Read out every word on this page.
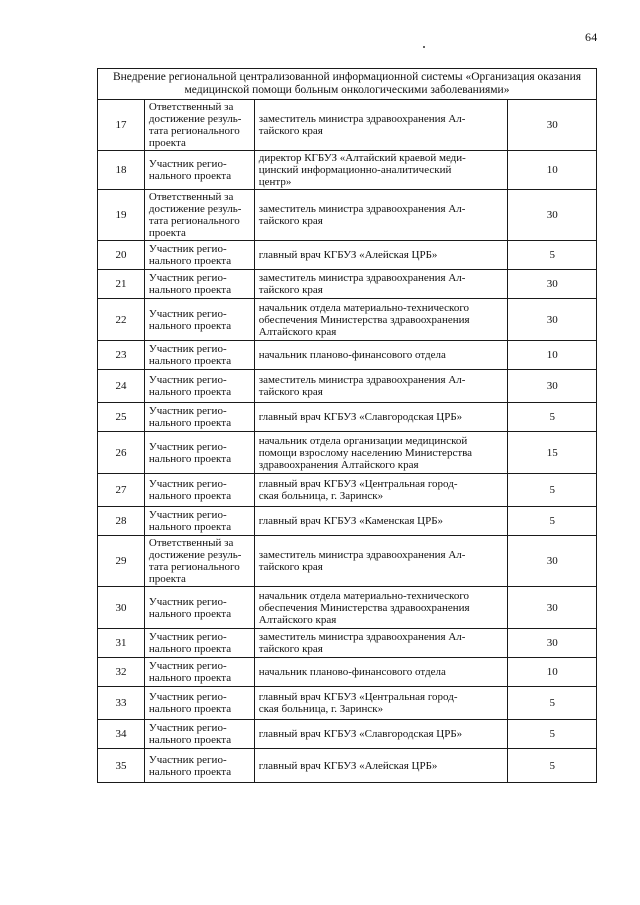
64
Внедрение региональной централизованной информационной системы «Организация оказания
медицинской помощи больным онкологическими заболеваниями»			

17	Ответственный за
достижение резуль-
тата регионального
проекта	заместитель министра здравоохранения Ал-
тайского края	30

18	Участник регио-
нального проекта	директор КГБУЗ «Алтайский краевой меди-
цинский информационно-аналитический
центр»	10

19	Ответственный за
достижение резуль-
тата регионального
проекта	заместитель министра здравоохранения Ал-
тайского края	30

20	Участник регио-
нального проекта	главный врач КГБУЗ «Алейская ЦРБ»	5

21	Участник регио-
нального проекта	заместитель министра здравоохранения Ал-
тайского края	30

22	Участник регио-
нального проекта	начальник отдела материально-технического
обеспечения Министерства здравоохранения
Алтайского края	30

23	Участник регио-
нального проекта	начальник планово-финансового отдела	10

24	Участник регио-
нального проекта	заместитель министра здравоохранения Ал-
тайского края	30

25	Участник регио-
нального проекта	главный врач КГБУЗ «Славгородская ЦРБ»	5

26	Участник регио-
нального проекта	начальник отдела организации медицинской
помощи взрослому населению Министерства
здравоохранения Алтайского края	15

27	Участник регио-
нального проекта	главный врач КГБУЗ «Центральная город-
ская больница, г. Заринск»	5

28	Участник регио-
нального проекта	главный врач КГБУЗ «Каменская ЦРБ»	5

29	Ответственный за
достижение резуль-
тата регионального
проекта	заместитель министра здравоохранения Ал-
тайского края	30

30	Участник регио-
нального проекта	начальник отдела материально-технического
обеспечения Министерства здравоохранения
Алтайского края	30

31	Участник регио-
нального проекта	заместитель министра здравоохранения Ал-
тайского края	30

32	Участник регио-
нального проекта	начальник планово-финансового отдела	10

33	Участник регио-
нального проекта	главный врач КГБУЗ «Центральная город-
ская больница, г. Заринск»	5

34	Участник регио-
нального проекта	главный врач КГБУЗ «Славгородская ЦРБ»	5

35	Участник регио-
нального проекта	главный врач КГБУЗ «Алейская ЦРБ»	5
